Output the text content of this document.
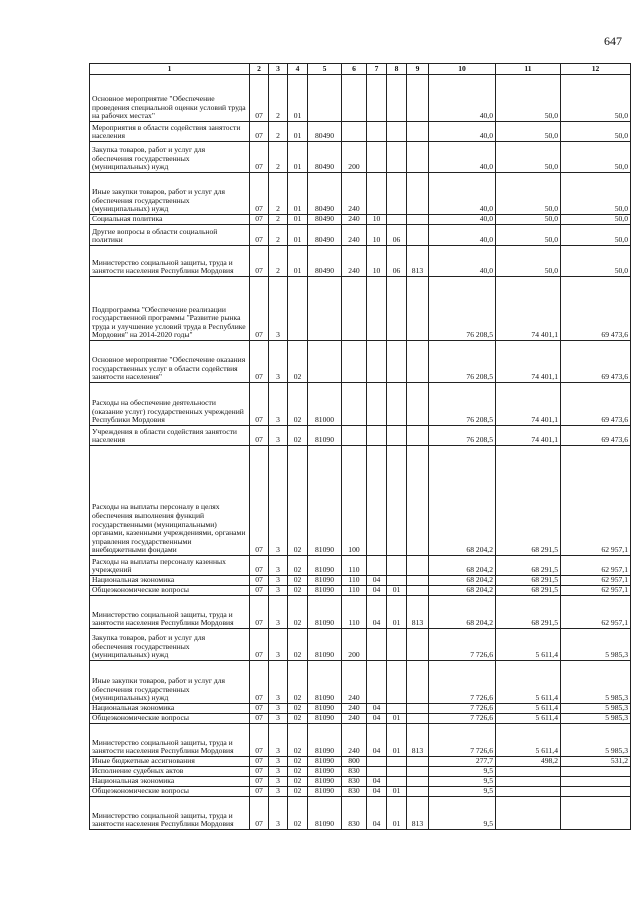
647
1	2	3	4	5	6	7	8	9	10	11	12
Основное мероприятие "Обеспечение проведения специальной оценки условий труда на рабочих местах"	07	2	01						40,0	50,0	50,0
Мероприятия в области содействия занятости населения	07	2	01	80490					40,0	50,0	50,0
Закупка товаров, работ и услуг для обеспечения государственных (муниципальных) нужд	07	2	01	80490	200				40,0	50,0	50,0
Иные закупки товаров, работ и услуг для обеспечения государственных (муниципальных) нужд	07	2	01	80490	240				40,0	50,0	50,0
Социальная политика	07	2	01	80490	240	10			40,0	50,0	50,0
Другие вопросы в области социальной политики	07	2	01	80490	240	10	06		40,0	50,0	50,0
Министерство социальной защиты, труда и занятости населения Республики Мордовия	07	2	01	80490	240	10	06	813	40,0	50,0	50,0
Подпрограмма "Обеспечение реализации государственной программы "Развитие рынка труда и улучшение условий труда в Республике Мордовия" на 2014-2020 годы"	07	3							76 208,5	74 401,1	69 473,6
Основное мероприятие "Обеспечение оказания государственных услуг в области содействия занятости населения"	07	3	02						76 208,5	74 401,1	69 473,6
Расходы на обеспечение деятельности (оказание услуг) государственных учреждений Республики Мордовия	07	3	02	81000					76 208,5	74 401,1	69 473,6
Учреждения в области содействия занятости населения	07	3	02	81090					76 208,5	74 401,1	69 473,6
Расходы на выплаты персоналу в целях обеспечения выполнения функций государственными (муниципальными) органами, казенными учреждениями, органами управления государственными внебюджетными фондами	07	3	02	81090	100				68 204,2	68 291,5	62 957,1
Расходы на выплаты персоналу казенных учреждений	07	3	02	81090	110				68 204,2	68 291,5	62 957,1
Национальная экономика	07	3	02	81090	110	04			68 204,2	68 291,5	62 957,1
Общеэкономические вопросы	07	3	02	81090	110	04	01		68 204,2	68 291,5	62 957,1
Министерство социальной защиты, труда и занятости населения Республики Мордовия	07	3	02	81090	110	04	01	813	68 204,2	68 291,5	62 957,1
Закупка товаров, работ и услуг для обеспечения государственных (муниципальных) нужд	07	3	02	81090	200				7 726,6	5 611,4	5 985,3
Иные закупки товаров, работ и услуг для обеспечения государственных (муниципальных) нужд	07	3	02	81090	240				7 726,6	5 611,4	5 985,3
Национальная экономика	07	3	02	81090	240	04			7 726,6	5 611,4	5 985,3
Общеэкономические вопросы	07	3	02	81090	240	04	01		7 726,6	5 611,4	5 985,3
Министерство социальной защиты, труда и занятости населения Республики Мордовия	07	3	02	81090	240	04	01	813	7 726,6	5 611,4	5 985,3
Иные бюджетные ассигнования	07	3	02	81090	800				277,7	498,2	531,2
Исполнение судебных актов	07	3	02	81090	830				9,5		
Национальная экономика	07	3	02	81090	830	04			9,5		
Общеэкономические вопросы	07	3	02	81090	830	04	01		9,5		
Министерство социальной защиты, труда и занятости населения Республики Мордовия	07	3	02	81090	830	04	01	813	9,5		
